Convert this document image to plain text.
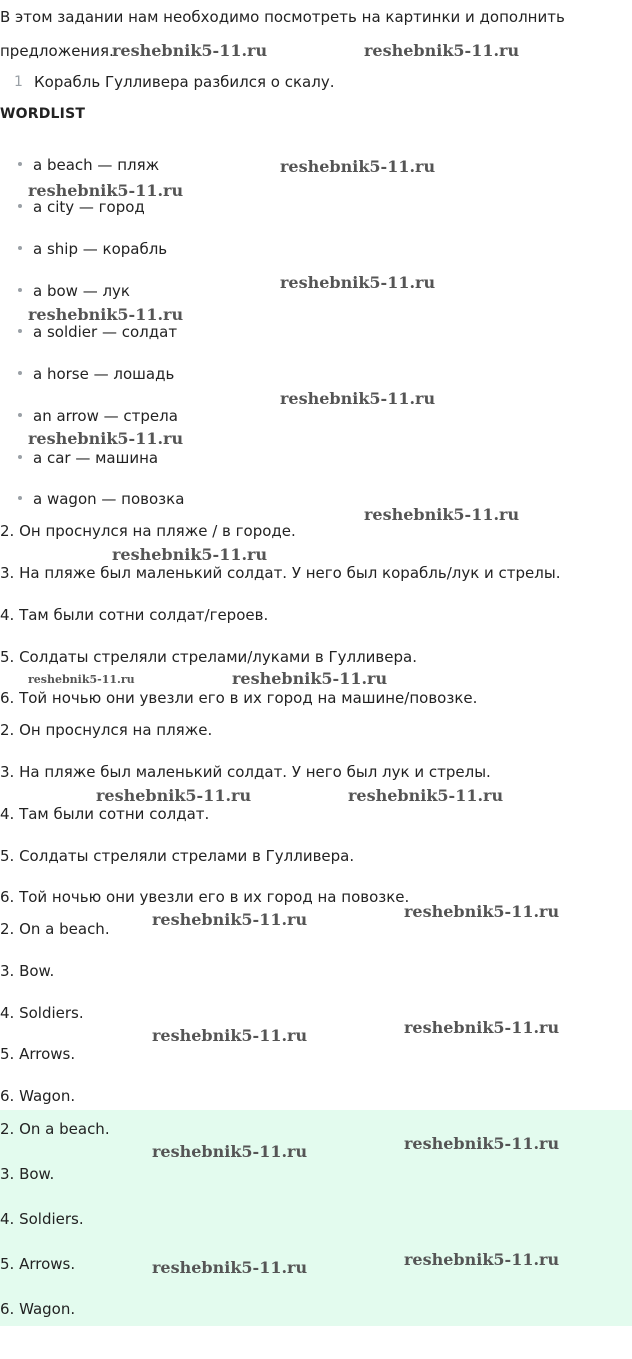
В этом задании нам необходимо посмотреть на картинки и дополнить
предложения.
1 Корабль Гулливера разбился о скалу.
WORDLIST
a beach — пляж
a city — город
a ship — корабль
a bow — лук
a soldier — солдат
a horse — лошадь
an arrow — стрела
a car — машина
a wagon — повозка
2. Он проснулся на пляже / в городе.
3. На пляже был маленький солдат. У него был корабль/лук и стрелы.
4. Там были сотни солдат/героев.
5. Солдаты стреляли стрелами/луками в Гулливера.
6. Той ночью они увезли его в их город на машине/повозке.
2. Он проснулся на пляже.
3. На пляже был маленький солдат. У него был лук и стрелы.
4. Там были сотни солдат.
5. Солдаты стреляли стрелами в Гулливера.
6. Той ночью они увезли его в их город на повозке.
2. On a beach.
3. Bow.
4. Soldiers.
5. Arrows.
6. Wagon.
2. On a beach.
3. Bow.
4. Soldiers.
5. Arrows.
6. Wagon.
reshebnik5-11.ru	reshebnik5-11.ru
reshebnik5-11.ru
reshebnik5-11.ru
reshebnik5-11.ru
reshebnik5-11.ru
reshebnik5-11.ru
reshebnik5-11.ru
reshebnik5-11.ru
reshebnik5-11.ru
reshebnik5-11.ru	reshebnik5-11.ru
reshebnik5-11.ru	reshebnik5-11.ru
reshebnik5-11.ru
reshebnik5-11.ru
reshebnik5-11.ru
reshebnik5-11.ru
reshebnik5-11.ru
reshebnik5-11.ru
reshebnik5-11.ru
reshebnik5-11.ru
